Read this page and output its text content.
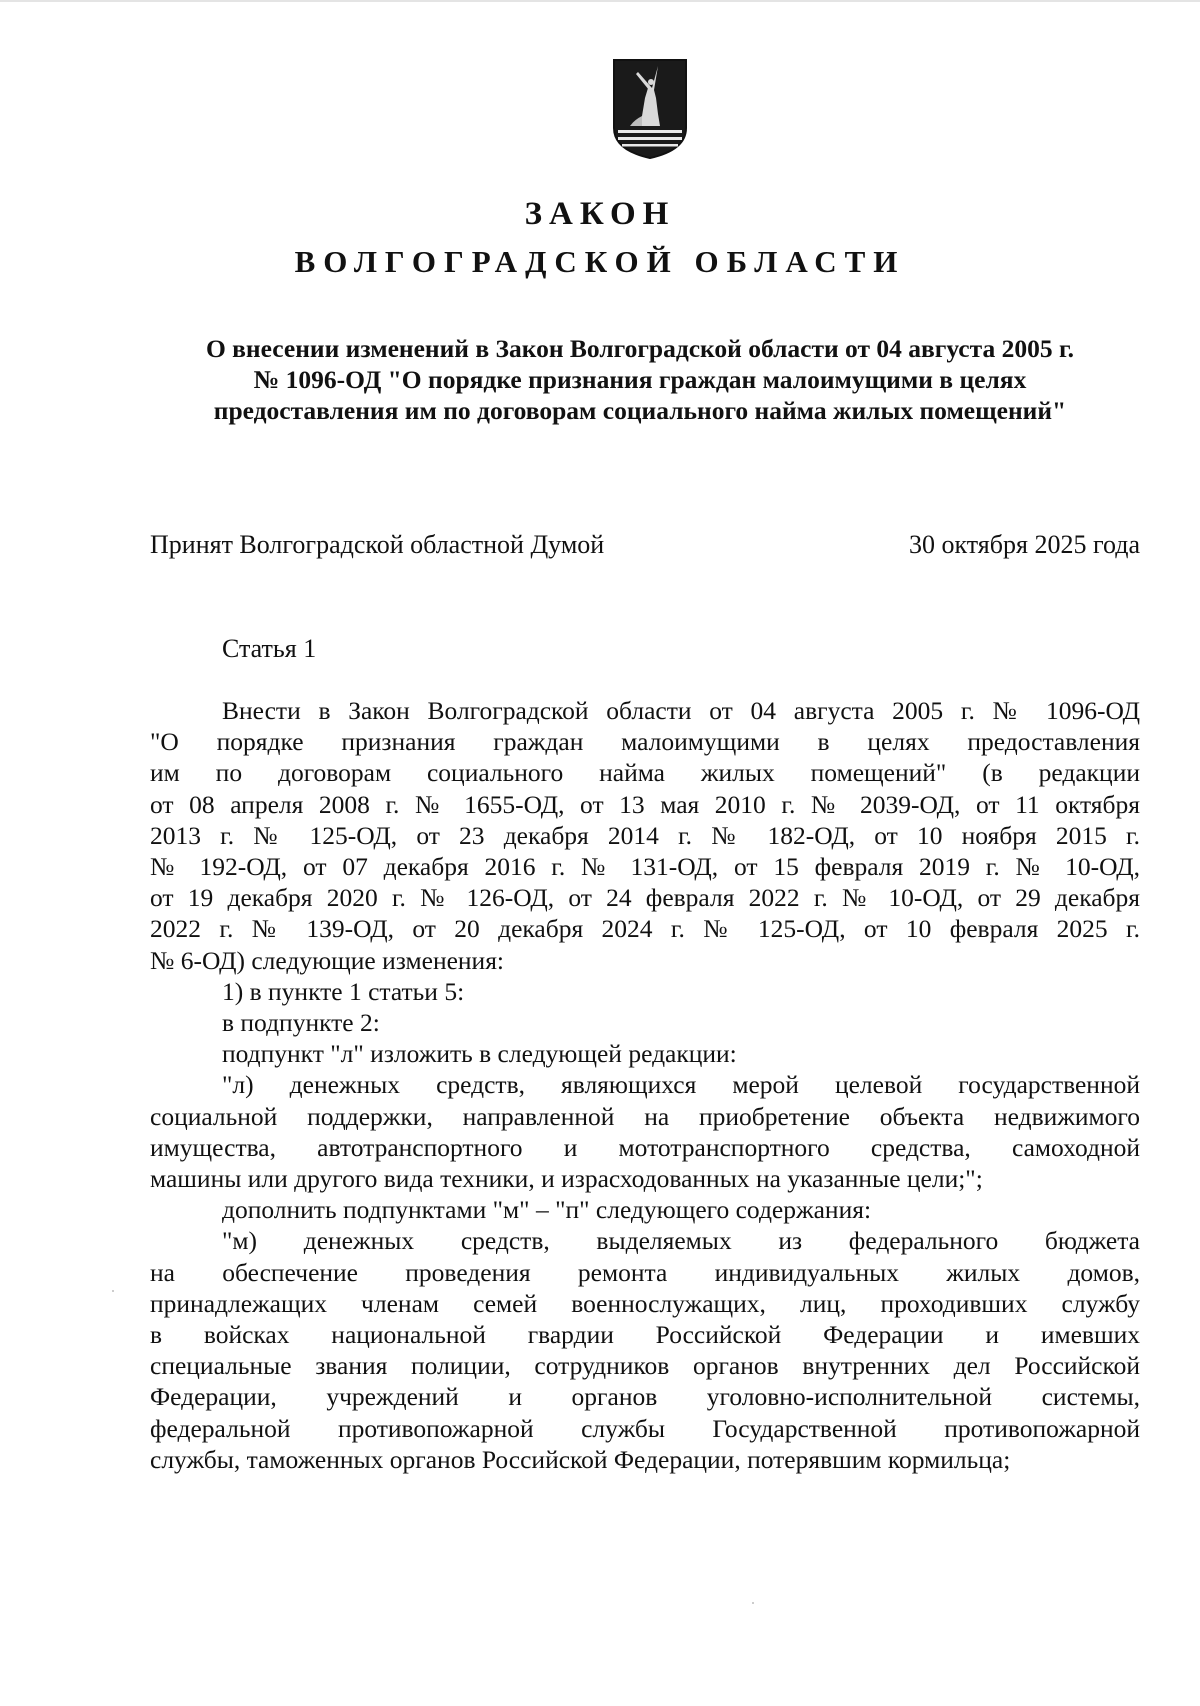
ЗАКОН
ВОЛГОГРАДСКОЙ ОБЛАСТИ
О внесении изменений в Закон Волгоградской области от 04 августа 2005 г.
№ 1096-ОД "О порядке признания граждан малоимущими в целях
предоставления им по договорам социального найма жилых помещений"
Принят Волгоградской областной Думой	30 октября 2025 года
Статья 1
Внести в Закон Волгоградской области от 04 августа 2005 г. № 1096-ОД
"О порядке признания граждан малоимущими в целях предоставления
им по договорам социального найма жилых помещений" (в редакции
от 08 апреля 2008 г. № 1655-ОД, от 13 мая 2010 г. № 2039-ОД, от 11 октября
2013 г. № 125-ОД, от 23 декабря 2014 г. № 182-ОД, от 10 ноября 2015 г.
№ 192-ОД, от 07 декабря 2016 г. № 131-ОД, от 15 февраля 2019 г. № 10-ОД,
от 19 декабря 2020 г. № 126-ОД, от 24 февраля 2022 г. № 10-ОД, от 29 декабря
2022 г. № 139-ОД, от 20 декабря 2024 г. № 125-ОД, от 10 февраля 2025 г.
№ 6-ОД) следующие изменения:
1) в пункте 1 статьи 5:
в подпункте 2:
подпункт "л" изложить в следующей редакции:
"л) денежных средств, являющихся мерой целевой государственной
социальной поддержки, направленной на приобретение объекта недвижимого
имущества, автотранспортного и мототранспортного средства, самоходной
машины или другого вида техники, и израсходованных на указанные цели;";
дополнить подпунктами "м" – "п" следующего содержания:
"м) денежных средств, выделяемых из федерального бюджета
на обеспечение проведения ремонта индивидуальных жилых домов,
принадлежащих членам семей военнослужащих, лиц, проходивших службу
в войсках национальной гвардии Российской Федерации и имевших
специальные звания полиции, сотрудников органов внутренних дел Российской
Федерации, учреждений и органов уголовно-исполнительной системы,
федеральной противопожарной службы Государственной противопожарной
службы, таможенных органов Российской Федерации, потерявшим кормильца;
